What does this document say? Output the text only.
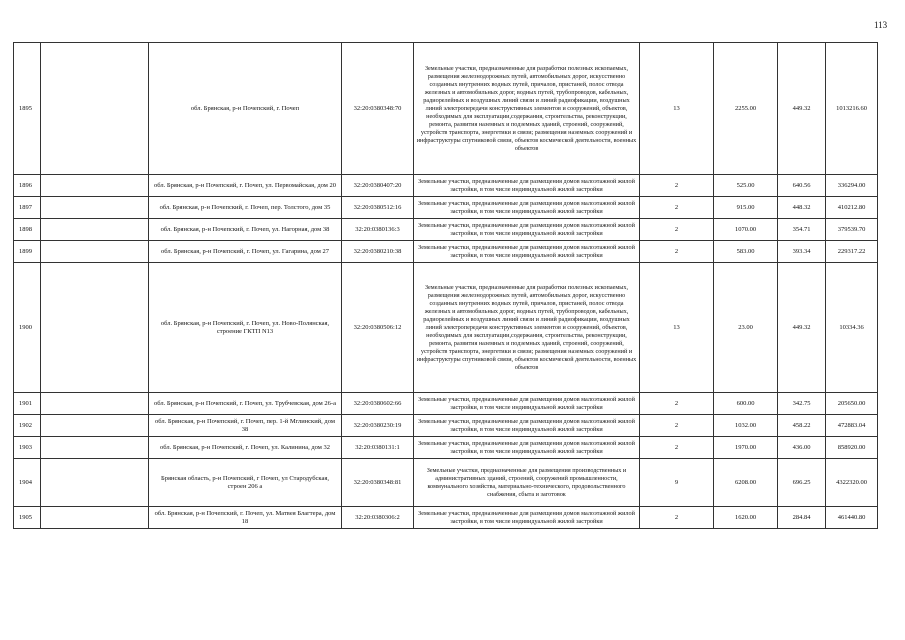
113
1895		обл. Брянская, р-н Почепский, г. Почеп	32:20:0380348:70	Земельные участки, предназначенные для разработки полезных ископаемых, размещения железнодорожных путей, автомобильных дорог, искусственно созданных внутренних водных путей, причалов, пристаней, полос отвода железных и автомобильных дорог, водных путей, трубопроводов, кабельных, радиорелейных и воздушных линий связи и линий радиофикации, воздушных линий электропередачи конструктивных элементов и сооружений, объектов, необходимых для эксплуатации,содержания, строительства, реконструкции, ремонта, развития наземных и подземных зданий, строений, сооружений, устройств транспорта, энергетики и связи; размещения наземных сооружений и инфраструктуры спутниковой связи, объектов космической деятельности, военных объектов	13	2255.00	449.32	1013216.60
1896		обл. Брянская, р-н Почепский, г. Почеп, ул. Первомайская, дом 20	32:20:0380407:20	Земельные участки, предназначенные для размещения домов малоэтажной жилой застройки, в том числе индивидуальной жилой застройки	2	525.00	640.56	336294.00
1897		обл. Брянская, р-н Почепский, г. Почеп, пер. Толстого, дом 35	32:20:0380512:16	Земельные участки, предназначенные для размещения домов малоэтажной жилой застройки, в том числе индивидуальной жилой застройки	2	915.00	448.32	410212.80
1898		обл. Брянская, р-н Почепский, г. Почеп, ул. Нагорная, дом 38	32:20:0380136:3	Земельные участки, предназначенные для размещения домов малоэтажной жилой застройки, в том числе индивидуальной жилой застройки	2	1070.00	354.71	379539.70
1899		обл. Брянская, р-н Почепский, г. Почеп, ул. Гагарина, дом 27	32:20:0380210:38	Земельные участки, предназначенные для размещения домов малоэтажной жилой застройки, в том числе индивидуальной жилой застройки	2	583.00	393.34	229317.22
1900		обл. Брянская, р-н Почепский, г. Почеп, ул. Ново-Полянская, строение ГКТП N13	32:20:0380506:12	Земельные участки, предназначенные для разработки полезных ископаемых, размещения железнодорожных путей, автомобильных дорог, искусственно созданных внутренних водных путей, причалов, пристаней, полос отвода железных и автомобильных дорог, водных путей, трубопроводов, кабельных, радиорелейных и воздушных линий связи и линий радиофикации, воздушных линий электропередачи конструктивных элементов и сооружений, объектов, необходимых для эксплуатации,содержания, строительства, реконструкции, ремонта, развития наземных и подземных зданий, строений, сооружений, устройств транспорта, энергетики и связи; размещения наземных сооружений и инфраструктуры спутниковой связи, объектов космической деятельности, военных объектов	13	23.00	449.32	10334.36
1901		обл. Брянская, р-н Почепский, г. Почеп, ул. Трубчевская, дом 26-а	32:20:0380602:66	Земельные участки, предназначенные для размещения домов малоэтажной жилой застройки, в том числе индивидуальной жилой застройки	2	600.00	342.75	205650.00
1902		обл. Брянская, р-н Почепский, г. Почеп, пер. 1-й Мглинский, дом 38	32:20:0380230:19	Земельные участки, предназначенные для размещения домов малоэтажной жилой застройки, в том числе индивидуальной жилой застройки	2	1032.00	458.22	472883.04
1903		обл. Брянская, р-н Почепский, г. Почеп, ул. Калинина, дом 32	32:20:0380131:1	Земельные участки, предназначенные для размещения домов малоэтажной жилой застройки, в том числе индивидуальной жилой застройки	2	1970.00	436.00	858920.00
1904		Брянская область, р-н Почепский, г Почеп, ул Стародубская, строен 206 а	32:20:0380348:81	Земельные участки, предназначенные для размещения производственных и административных зданий, строений, сооружений промышленности, коммунального хозяйства, материально-технического, продовольственного снабжения, сбыта и заготовок	9	6208.00	696.25	4322320.00
1905		обл. Брянская, р-н Почепский, г. Почеп, ул. Матвея Благтера, дом 18	32:20:0380306:2	Земельные участки, предназначенные для размещения домов малоэтажной жилой застройки, в том числе индивидуальной жилой застройки	2	1620.00	284.84	461440.80
